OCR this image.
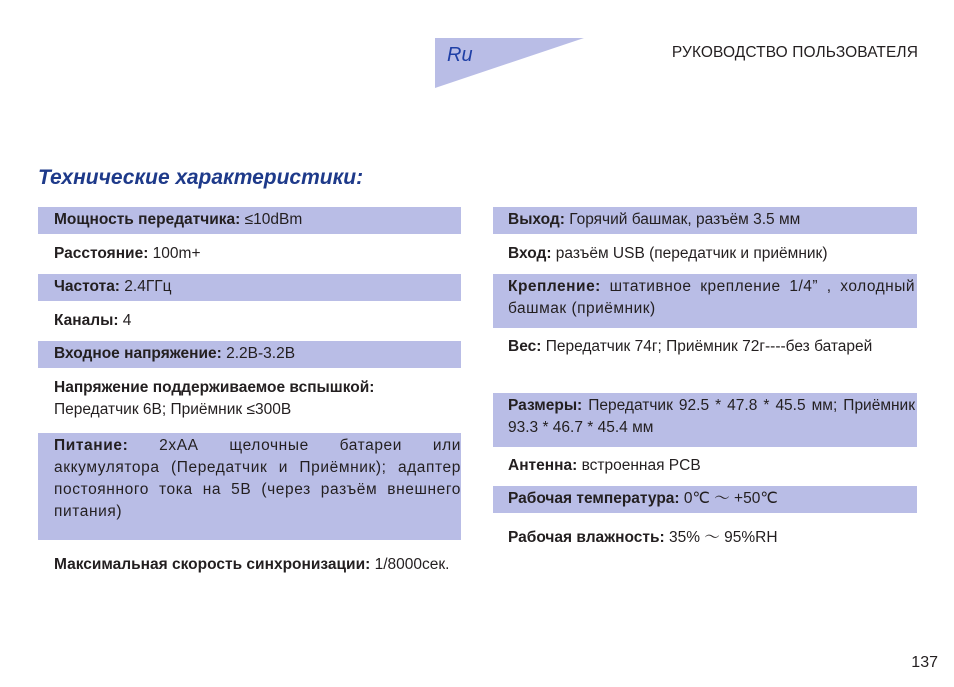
Ru	РУКОВОДСТВО ПОЛЬЗОВАТЕЛЯ
Технические характеристики:
Мощность передатчика: ≤10dBm
Расстояние: 100m+
Частота: 2.4ГГц
Каналы: 4
Входное напряжение: 2.2В-3.2В
Напряжение поддерживаемое вспышкой: Передатчик 6В; Приёмник ≤300В
Питание: 2хАА щелочные батареи или аккумулятора (Передатчик и Приёмник); адаптер постоянного тока на 5В (через разъём внешнего питания)
Максимальная скорость синхронизации: 1/8000сек.
Выход: Горячий башмак, разъём 3.5 мм
Вход: разъём USB (передатчик и приёмник)
Крепление: штативное крепление 1/4” , холодный башмак (приёмник)
Вес: Передатчик 74г; Приёмник 72г----без батарей
Размеры: Передатчик 92.5 * 47.8 * 45.5 мм; Приёмник 93.3 * 46.7 * 45.4 мм
Антенна: встроенная PCB
Рабочая температура: 0℃ ～ +50℃
Рабочая влажность: 35% ～ 95%RH
137
